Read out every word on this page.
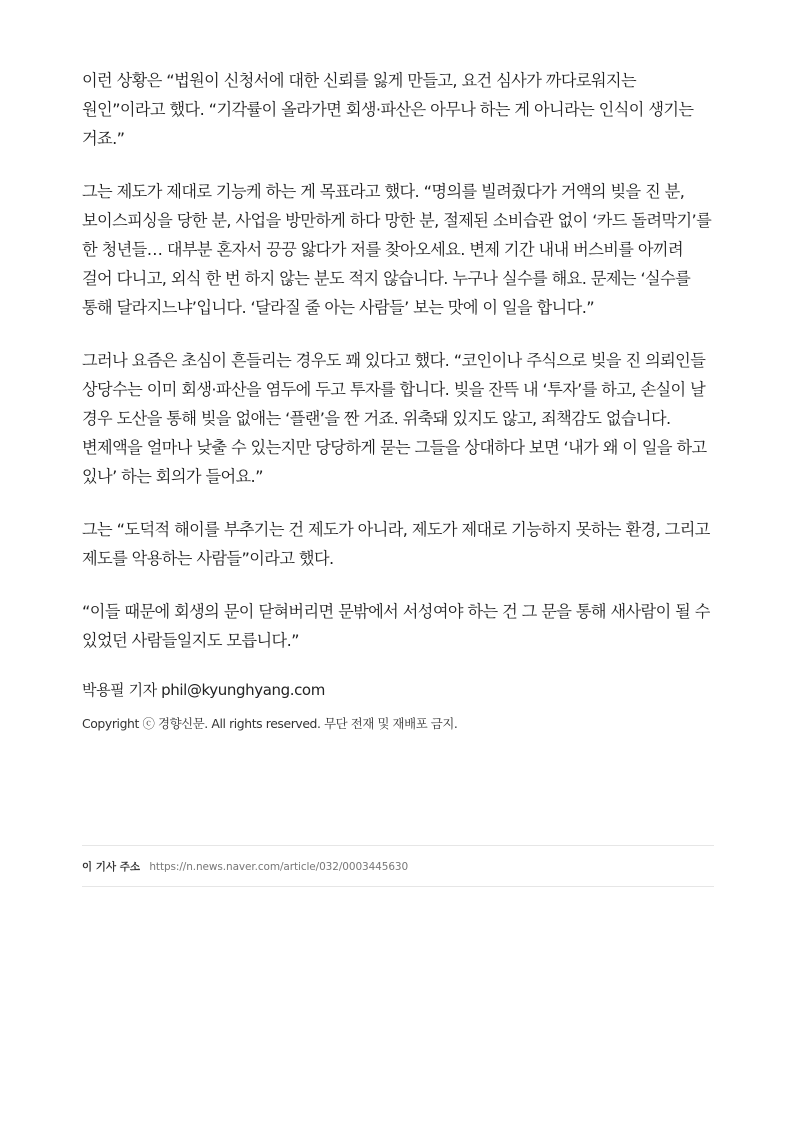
이런 상황은 “법원이 신청서에 대한 신뢰를 잃게 만들고, 요건 심사가 까다로워지는 원인”이라고 했다. “기각률이 올라가면 회생·파산은 아무나 하는 게 아니라는 인식이 생기는 거죠.”

그는 제도가 제대로 기능케 하는 게 목표라고 했다. “명의를 빌려줬다가 거액의 빚을 진 분, 보이스피싱을 당한 분, 사업을 방만하게 하다 망한 분, 절제된 소비습관 없이 ‘카드 돌려막기’를 한 청년들… 대부분 혼자서 끙끙 앓다가 저를 찾아오세요. 변제 기간 내내 버스비를 아끼려 걸어 다니고, 외식 한 번 하지 않는 분도 적지 않습니다. 누구나 실수를 해요. 문제는 ‘실수를 통해 달라지느냐’입니다. ‘달라질 줄 아는 사람들’ 보는 맛에 이 일을 합니다.”

그러나 요즘은 초심이 흔들리는 경우도 꽤 있다고 했다. “코인이나 주식으로 빚을 진 의뢰인들 상당수는 이미 회생·파산을 염두에 두고 투자를 합니다. 빚을 잔뜩 내 ‘투자’를 하고, 손실이 날 경우 도산을 통해 빚을 없애는 ‘플랜’을 짠 거죠. 위축돼 있지도 않고, 죄책감도 없습니다. 변제액을 얼마나 낮출 수 있는지만 당당하게 묻는 그들을 상대하다 보면 ‘내가 왜 이 일을 하고 있나’ 하는 회의가 들어요.”

그는 “도덕적 해이를 부추기는 건 제도가 아니라, 제도가 제대로 기능하지 못하는 환경, 그리고 제도를 악용하는 사람들”이라고 했다.

“이들 때문에 회생의 문이 닫혀버리면 문밖에서 서성여야 하는 건 그 문을 통해 새사람이 될 수 있었던 사람들일지도 모릅니다.”

박용필 기자 phil@kyunghyang.com

Copyright ⓒ 경향신문. All rights reserved. 무단 전재 및 재배포 금지.

이 기사 주소 https://n.news.naver.com/article/032/0003445630
